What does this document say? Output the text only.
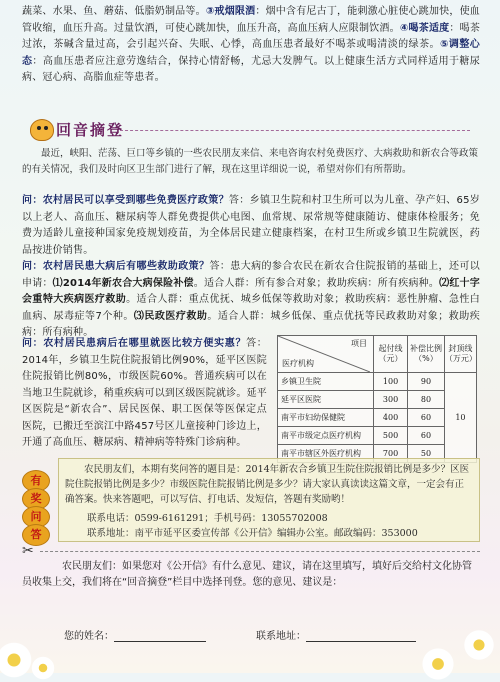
蔬菜、水果、鱼、蘑菇、低脂奶制品等。③戒烟限酒：烟中含有尼古丁，能刺激心脏使心跳加快，使血管收缩，血压升高。过量饮酒，可使心跳加快，血压升高，高血压病人应限制饮酒。④喝茶适度：喝茶过浓，茶碱含量过高，会引起兴奋、失眠、心悸，高血压患者最好不喝茶或喝清淡的绿茶。⑤调整心态：高血压患者应注意劳逸结合，保持心情舒畅，尤忌大发脾气。以上健康生活方式同样适用于糖尿病、冠心病、高脂血症等患者。

回音摘登

最近，峡阳、茫荡、巨口等乡镇的一些农民朋友来信、来电咨询农村免费医疗、大病救助和新农合等政策的有关情况，我们及时向区卫生部门进行了解，现在这里详细说一说，希望对你们有所帮助。

问：农村居民可以享受到哪些免费医疗政策？答：乡镇卫生院和村卫生所可以为儿童、孕产妇、65岁以上老人、高血压、糖尿病等人群免费提供心电图、血常规、尿常规等健康随访、健康体检服务；免费为适龄儿童接种国家免疫规划疫苗，为全体居民建立健康档案，在村卫生所或乡镇卫生院就医，药品按进价销售。

问：农村居民患大病后有哪些救助政策？答：患大病的参合农民在新农合住院报销的基础上，还可以申请：⑴2014年新农合大病保险补偿。适合人群：所有参合对象；救助疾病：所有疾病种。⑵红十字会重特大疾病医疗救助。适合人群：重点优抚、城乡低保等救助对象；救助疾病：恶性肿瘤、急性白血病、尿毒症等7个种。⑶民政医疗救助。适合人群：城乡低保、重点优抚等民政救助对象；救助疾病：所有病种。

问：农村居民患病后在哪里就医比较方便实惠？答：2014年，乡镇卫生院住院报销比例90%，延平区医院住院报销比例80%，市级医院60%。普通疾病可以在当地卫生院就诊，稍重疾病可以到区级医院就诊。延平区医院是“新农合”、居民医保、职工医保等医保定点医院，已搬迁至滨江中路457号区儿童接种门诊边上，开通了高血压、糖尿病、精神病等特殊门诊病种。

项目
医疗机构	起付线（元）	补偿比例（%）	封顶线（万元）
乡镇卫生院	100	90	10
延平区医院	300	80	
南平市妇幼保健院	400	60	
南平市级定点医疗机构	500	60	
南平市辖区外医疗机构	700	50	
有
奖
问
答

农民朋友们，本期有奖问答的题目是：2014年新农合乡镇卫生院住院报销比例是多少？区医院住院报销比例是多少？市级医院住院报销比例是多少？请大家认真读读这篇文章，一定会有正确答案。快来答题吧，可以写信、打电话、发短信，答题有奖励哟！

联系电话：0599-6161291；手机号码：13055702008
联系地址：南平市延平区委宣传部《公开信》编辑办公室。邮政编码：353000
✂

农民朋友们：如果您对《公开信》有什么意见、建议，请在这里填写，填好后交给村文化协管员收集上交，我们将在“回音摘登”栏目中选择刊登。您的意见、建议是：

您的姓名：	联系地址：
